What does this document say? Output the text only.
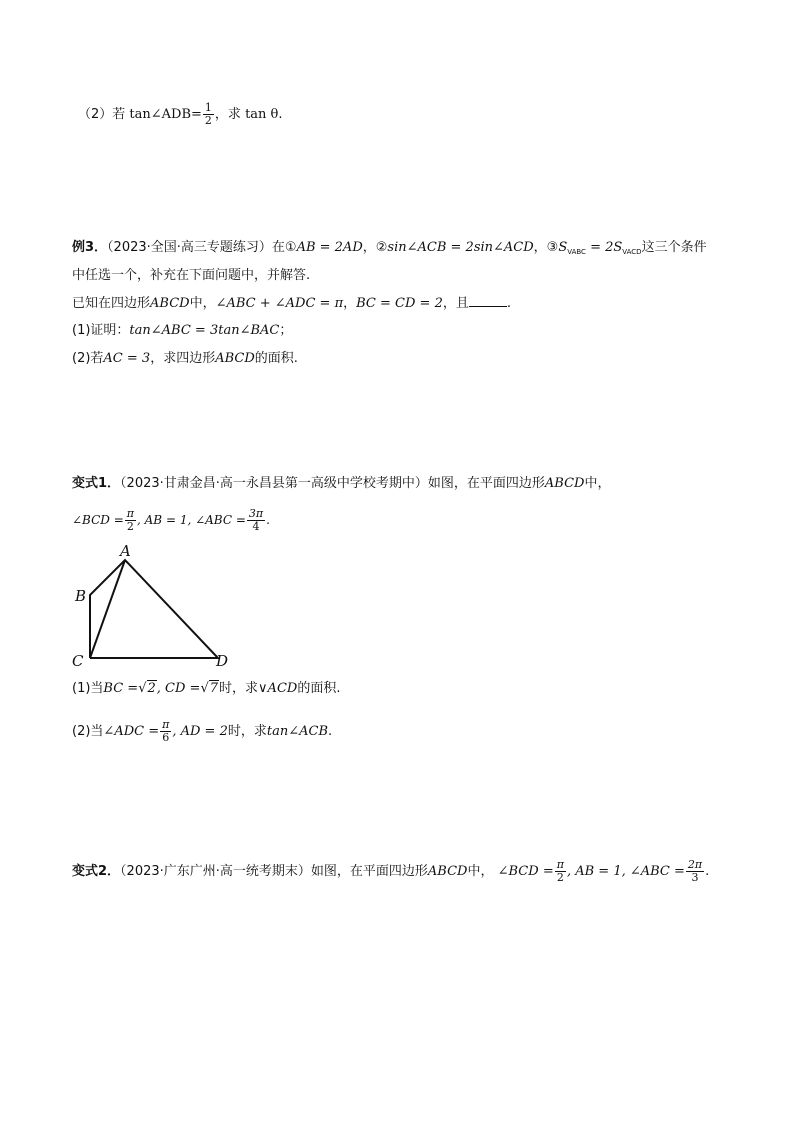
（2）若 tan∠ADB= $\frac{1}{2}$ ，求 tan θ.
例3．（2023·全国·高三专题练习）在①AB = 2AD，②sin∠ACB = 2sin∠ACD，$③S_{VABC} = 2S_{VACD}$这三个条件
中任选一个，补充在下面问题中，并解答.
已知在四边形ABCD中，∠ABC + ∠ADC = π，BC = CD = 2，且	.
(1)证明：tan∠ABC = 3tan∠BAC；
(2)若AC = 3，求四边形ABCD的面积.
变式1．（2023·甘肃金昌·高一永昌县第一高级中学校考期中）如图，在平面四边形ABCD中，
∠BCD = $\frac{\pi}{2}$ , AB = 1, ∠ABC = $\frac{3\pi}{4}$ .
A
B
C	D
(1)当BC =√2, CD =√7时，求∨ACD的面积.
(2)当∠ADC = $\frac{\pi}{6}$ , AD = 2时，求tan∠ACB.
变式2．（2023·广东广州·高一统考期末）如图，在平面四边形ABCD中， ∠BCD = $\frac{\pi}{2}$ , AB = 1, ∠ABC = $\frac{2\pi}{3}$ .
